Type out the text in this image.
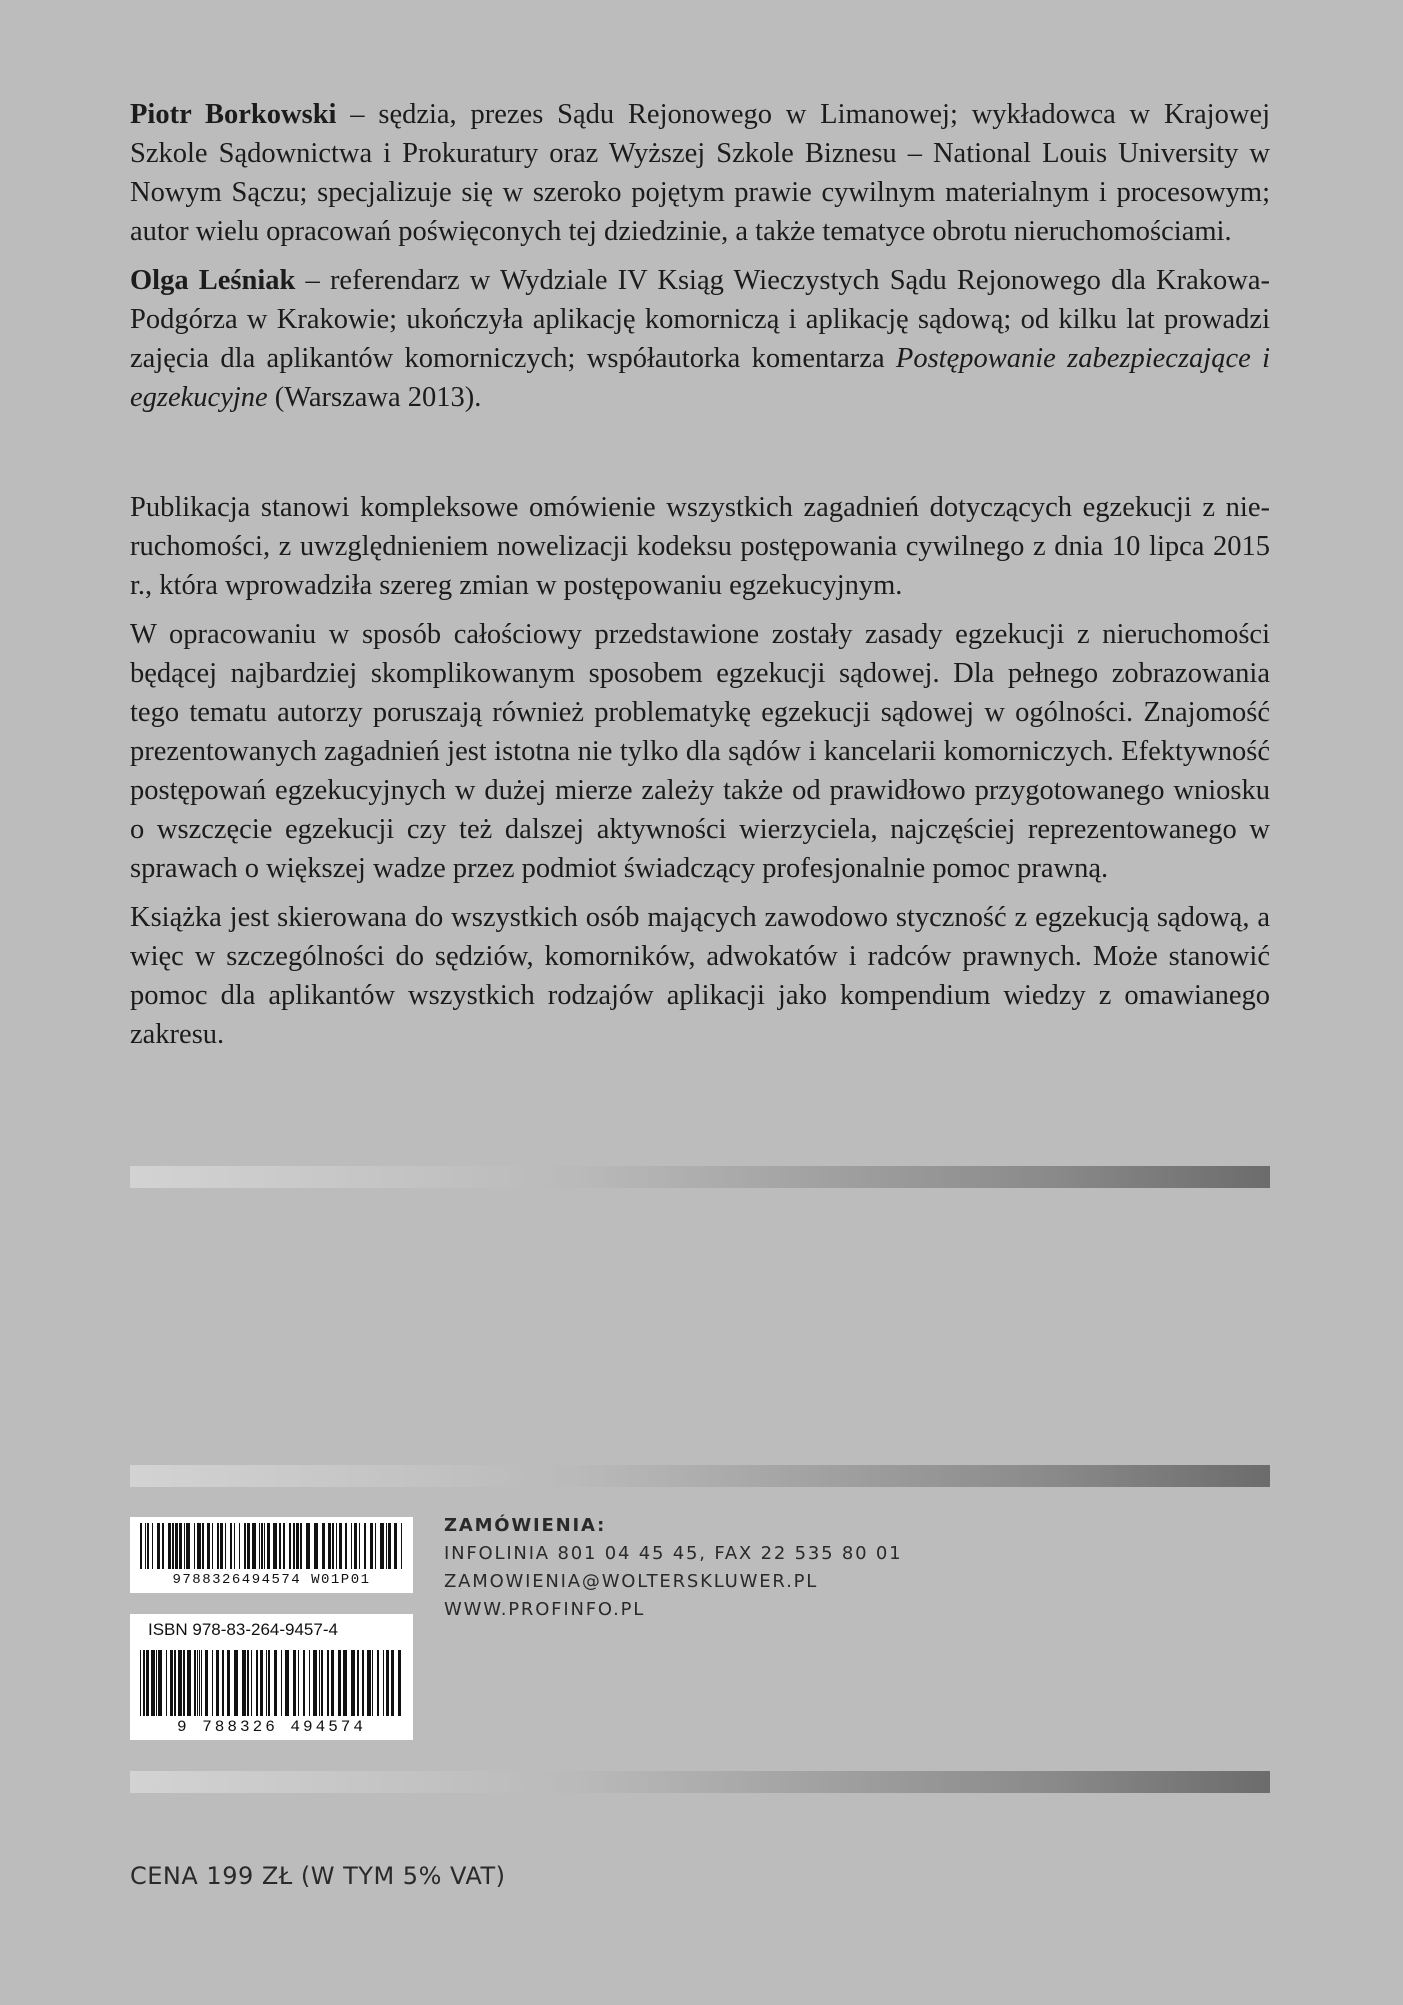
Piotr Borkowski – sędzia, prezes Sądu Rejonowego w Limanowej; wykładowca w Krajowej Szkole Sądownictwa i Prokuratury oraz Wyższej Szkole Biznesu – National Louis University w Nowym Sączu; specjalizuje się w szeroko pojętym prawie cywilnym materialnym i procesowym; autor wielu opracowań poświęconych tej dziedzinie, a także tematyce obrotu nieruchomościami.

Olga Leśniak – referendarz w Wydziale IV Ksiąg Wieczystych Sądu Rejonowego dla Krakowa-Podgórza w Krakowie; ukończyła aplikację komorniczą i aplikację sądową; od kilku lat prowadzi zajęcia dla aplikantów komorniczych; współautorka komentarza Postępowanie zabezpieczające i egzekucyjne (Warszawa 2013).

Publikacja stanowi kompleksowe omówienie wszystkich zagadnień dotyczących egzekucji z nieruchomości, z uwzględnieniem nowelizacji kodeksu postępowania cywilnego z dnia 10 lipca 2015 r., która wprowadziła szereg zmian w postępowaniu egzekucyjnym.

W opracowaniu w sposób całościowy przedstawione zostały zasady egzekucji z nieruchomości będącej najbardziej skomplikowanym sposobem egzekucji sądowej. Dla pełnego zobrazowania tego tematu autorzy poruszają również problematykę egzekucji sądowej w ogólności. Znajomość prezentowanych zagadnień jest istotna nie tylko dla sądów i kancelarii komorniczych. Efektywność postępowań egzekucyjnych w dużej mierze zależy także od prawidłowo przygotowanego wniosku o wszczęcie egzekucji czy też dalszej aktywności wierzyciela, najczęściej reprezentowanego w sprawach o większej wadze przez podmiot świadczący profesjonalnie pomoc prawną.

Książka jest skierowana do wszystkich osób mających zawodowo styczność z egzekucją sądową, a więc w szczególności do sędziów, komorników, adwokatów i radców prawnych. Może stanowić pomoc dla aplikantów wszystkich rodzajów aplikacji jako kompendium wiedzy z omawianego zakresu.

9788326494574 W01P01
ISBN 978-83-264-9457-4
9 788326 494574
ZAMÓWIENIA:
INFOLINIA 801 04 45 45, FAX 22 535 80 01
ZAMOWIENIA@WOLTERSKLUWER.PL
WWW.PROFINFO.PL
CENA 199 ZŁ (W TYM 5% VAT)
